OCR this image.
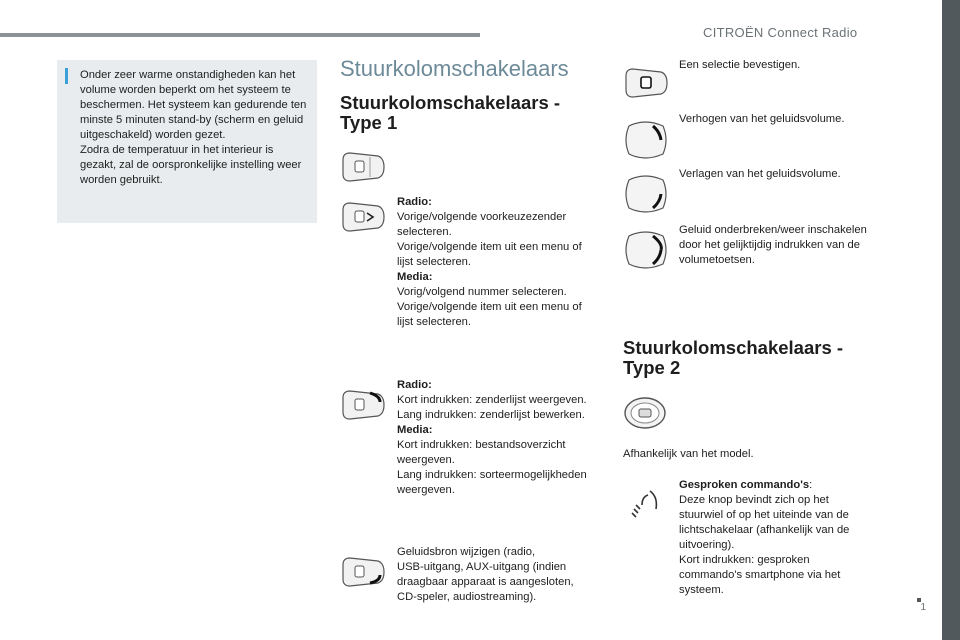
CITROËN Connect Radio
1
Onder zeer warme onstandigheden kan het volume worden beperkt om het systeem te beschermen. Het systeem kan gedurende ten minste 5 minuten stand-by (scherm en geluid uitgeschakeld) worden gezet.
Zodra de temperatuur in het interieur is gezakt, zal de oorspronkelijke instelling weer worden gebruikt.
Stuurkolomschakelaars
Stuurkolomschakelaars -
Type 1
Radio:
Vorige/volgende voorkeuzezender
selecteren.
Vorige/volgende item uit een menu of
lijst selecteren.
Media:
Vorig/volgend nummer selecteren.
Vorige/volgende item uit een menu of
lijst selecteren.
Radio:
Kort indrukken: zenderlijst weergeven.
Lang indrukken: zenderlijst bewerken.
Media:
Kort indrukken: bestandsoverzicht
weergeven.
Lang indrukken: sorteermogelijkheden
weergeven.
Geluidsbron wijzigen (radio,
USB-uitgang, AUX-uitgang (indien
draagbaar apparaat is aangesloten,
CD-speler, audiostreaming).
Een selectie bevestigen.
Verhogen van het geluidsvolume.
Verlagen van het geluidsvolume.
Geluid onderbreken/weer inschakelen
door het gelijktijdig indrukken van de
volumetoetsen.
Stuurkolomschakelaars -
Type 2
Afhankelijk van het model.
Gesproken commando's:
Deze knop bevindt zich op het
stuurwiel of op het uiteinde van de
lichtschakelaar (afhankelijk van de
uitvoering).
Kort indrukken: gesproken
commando's smartphone via het
systeem.
